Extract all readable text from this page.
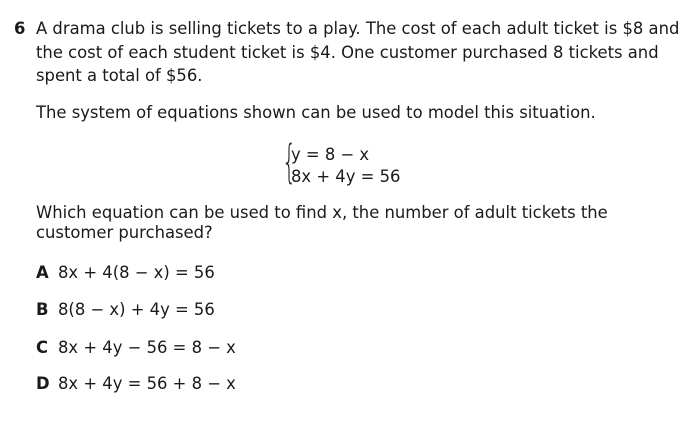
6 A drama club is selling tickets to a play. The cost of each adult ticket is $8 and the cost of each student ticket is $4. One customer purchased 8 tickets and spent a total of $56.

The system of equations shown can be used to model this situation.

{
y = 8 − x
8x + 4y = 56

Which equation can be used to find x, the number of adult tickets the customer purchased?

A 8x + 4(8 − x) = 56
B 8(8 − x) + 4y = 56
C 8x + 4y − 56 = 8 − x
D 8x + 4y = 56 + 8 − x
